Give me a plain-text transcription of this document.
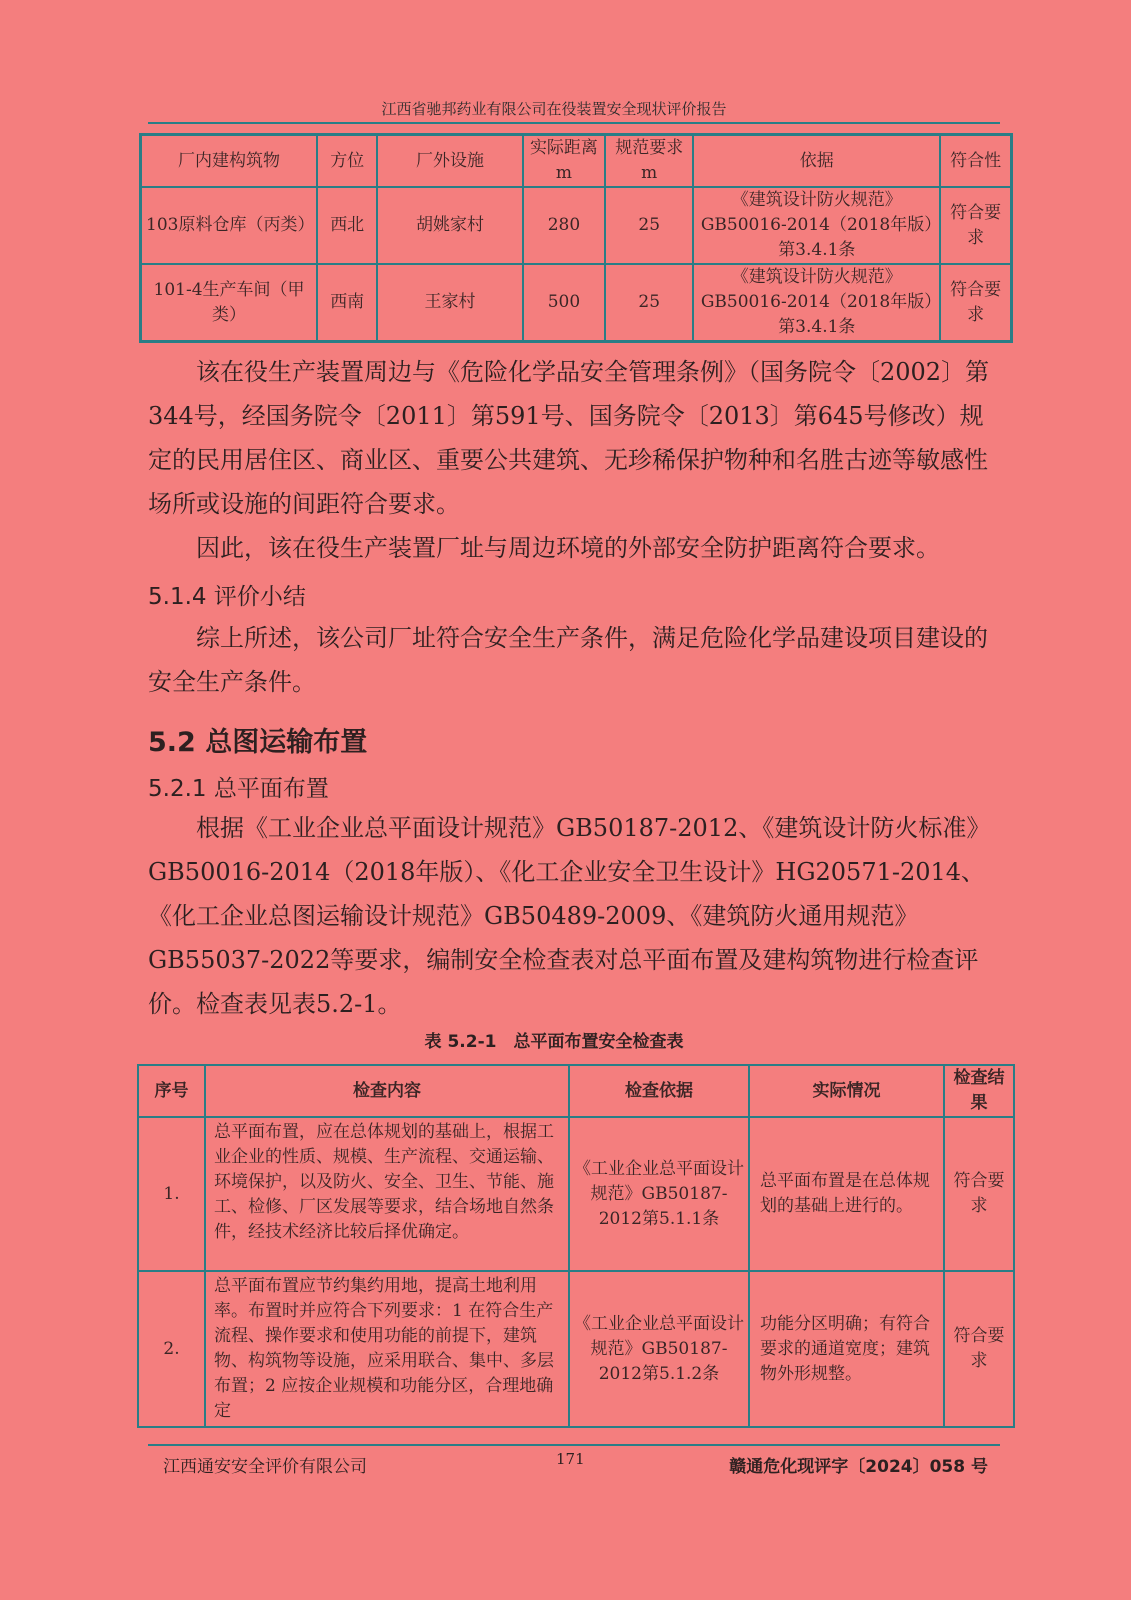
江西省驰邦药业有限公司在役装置安全现状评价报告
厂内建构筑物	方位	厂外设施	实际距离m	规范要求m	依据	符合性
103原料仓库（丙类）	西北	胡姚家村	280	25	《建筑设计防火规范》GB50016-2014（2018年版）第3.4.1条	符合要求
101-4生产车间（甲类）	西南	王家村	500	25	《建筑设计防火规范》GB50016-2014（2018年版）第3.4.1条	符合要求

该在役生产装置周边与《危险化学品安全管理条例》（国务院令〔2002〕第344号，经国务院令〔2011〕第591号、国务院令〔2013〕第645号修改）规定的民用居住区、商业区、重要公共建筑、无珍稀保护物种和名胜古迹等敏感性场所或设施的间距符合要求。

因此，该在役生产装置厂址与周边环境的外部安全防护距离符合要求。

5.1.4 评价小结

综上所述，该公司厂址符合安全生产条件，满足危险化学品建设项目建设的安全生产条件。

5.2 总图运输布置
5.2.1 总平面布置

根据《工业企业总平面设计规范》GB50187-2012、《建筑设计防火标准》GB50016-2014（2018年版）、《化工企业安全卫生设计》HG20571-2014、《化工企业总图运输设计规范》GB50489-2009、《建筑防火通用规范》GB55037-2022等要求，编制安全检查表对总平面布置及建构筑物进行检查评价。检查表见表5.2-1。

表 5.2-1　总平面布置安全检查表
序号	检查内容	检查依据	实际情况	检查结果
1.	总平面布置，应在总体规划的基础上，根据工业企业的性质、规模、生产流程、交通运输、环境保护，以及防火、安全、卫生、节能、施工、检修、厂区发展等要求，结合场地自然条件，经技术经济比较后择优确定。	《工业企业总平面设计规范》GB50187-2012第5.1.1条	总平面布置是在总体规划的基础上进行的。	符合要求
2.	总平面布置应节约集约用地，提高土地利用率。布置时并应符合下列要求：1 在符合生产流程、操作要求和使用功能的前提下，建筑物、构筑物等设施，应采用联合、集中、多层布置；2 应按企业规模和功能分区，合理地确定	《工业企业总平面设计规范》GB50187-2012第5.1.2条	功能分区明确；有符合要求的通道宽度；建筑物外形规整。	符合要求
江西通安安全评价有限公司	171	赣通危化现评字〔2024〕058 号
